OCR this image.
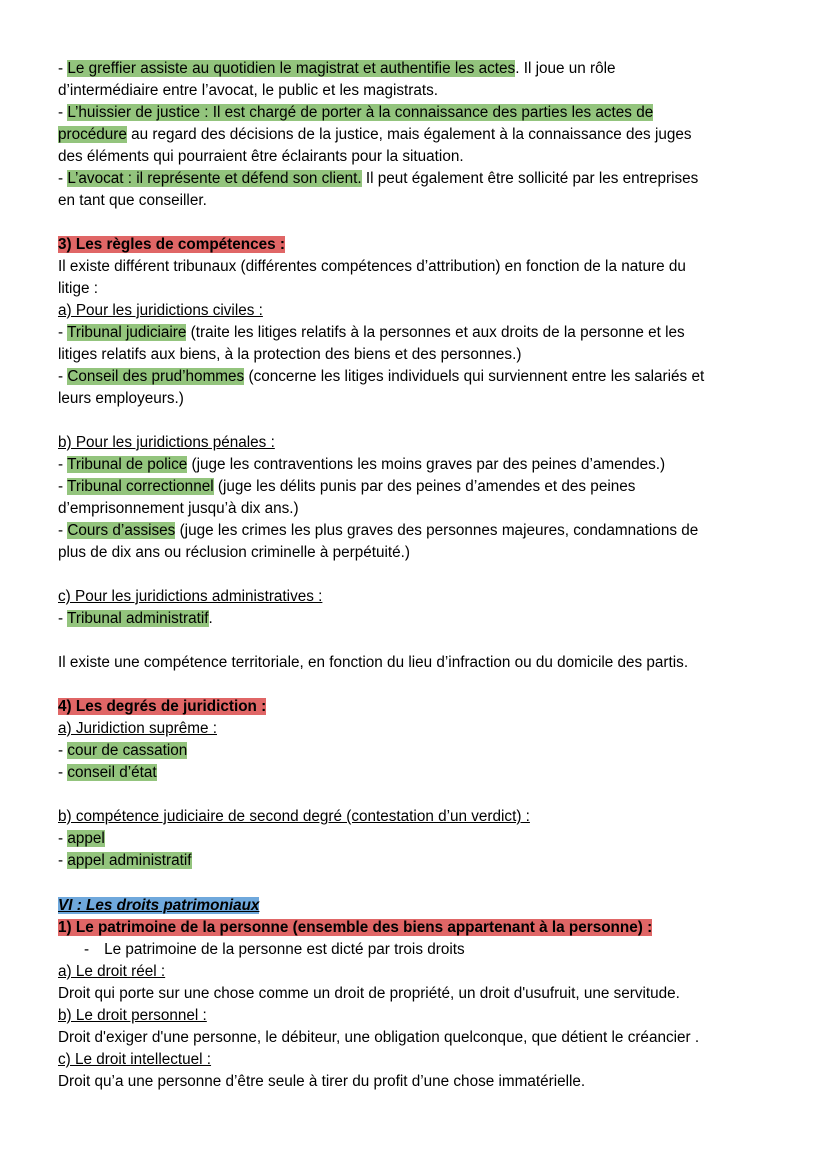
- Le greffier assiste au quotidien le magistrat et authentifie les actes. Il joue un rôle
d’intermédiaire entre l’avocat, le public et les magistrats.
- L’huissier de justice : Il est chargé de porter à la connaissance des parties les actes de
procédure au regard des décisions de la justice, mais également à la connaissance des juges
des éléments qui pourraient être éclairants pour la situation.
- L’avocat : il représente et défend son client. Il peut également être sollicité par les entreprises
en tant que conseiller.
3) Les règles de compétences :
Il existe différent tribunaux (différentes compétences d’attribution) en fonction de la nature du
litige :
a) Pour les juridictions civiles :
- Tribunal judiciaire (traite les litiges relatifs à la personnes et aux droits de la personne et les
litiges relatifs aux biens, à la protection des biens et des personnes.)
- Conseil des prud’hommes (concerne les litiges individuels qui surviennent entre les salariés et
leurs employeurs.)
b) Pour les juridictions pénales :
- Tribunal de police (juge les contraventions les moins graves par des peines d’amendes.)
- Tribunal correctionnel (juge les délits punis par des peines d’amendes et des peines
d’emprisonnement jusqu’à dix ans.)
- Cours d’assises (juge les crimes les plus graves des personnes majeures, condamnations de
plus de dix ans ou réclusion criminelle à perpétuité.)
c) Pour les juridictions administratives :
- Tribunal administratif.
Il existe une compétence territoriale, en fonction du lieu d’infraction ou du domicile des partis.
4) Les degrés de juridiction :
a) Juridiction suprême :
- cour de cassation
- conseil d’état
b) compétence judiciaire de second degré (contestation d’un verdict) :
- appel
- appel administratif
VI : Les droits patrimoniaux
1) Le patrimoine de la personne (ensemble des biens appartenant à la personne) :
- Le patrimoine de la personne est dicté par trois droits
a) Le droit réel :
Droit qui porte sur une chose comme un droit de propriété, un droit d'usufruit, une servitude.
b) Le droit personnel :
Droit d'exiger d'une personne, le débiteur, une obligation quelconque, que détient le créancier .
c) Le droit intellectuel :
Droit qu’a une personne d’être seule à tirer du profit d’une chose immatérielle.
